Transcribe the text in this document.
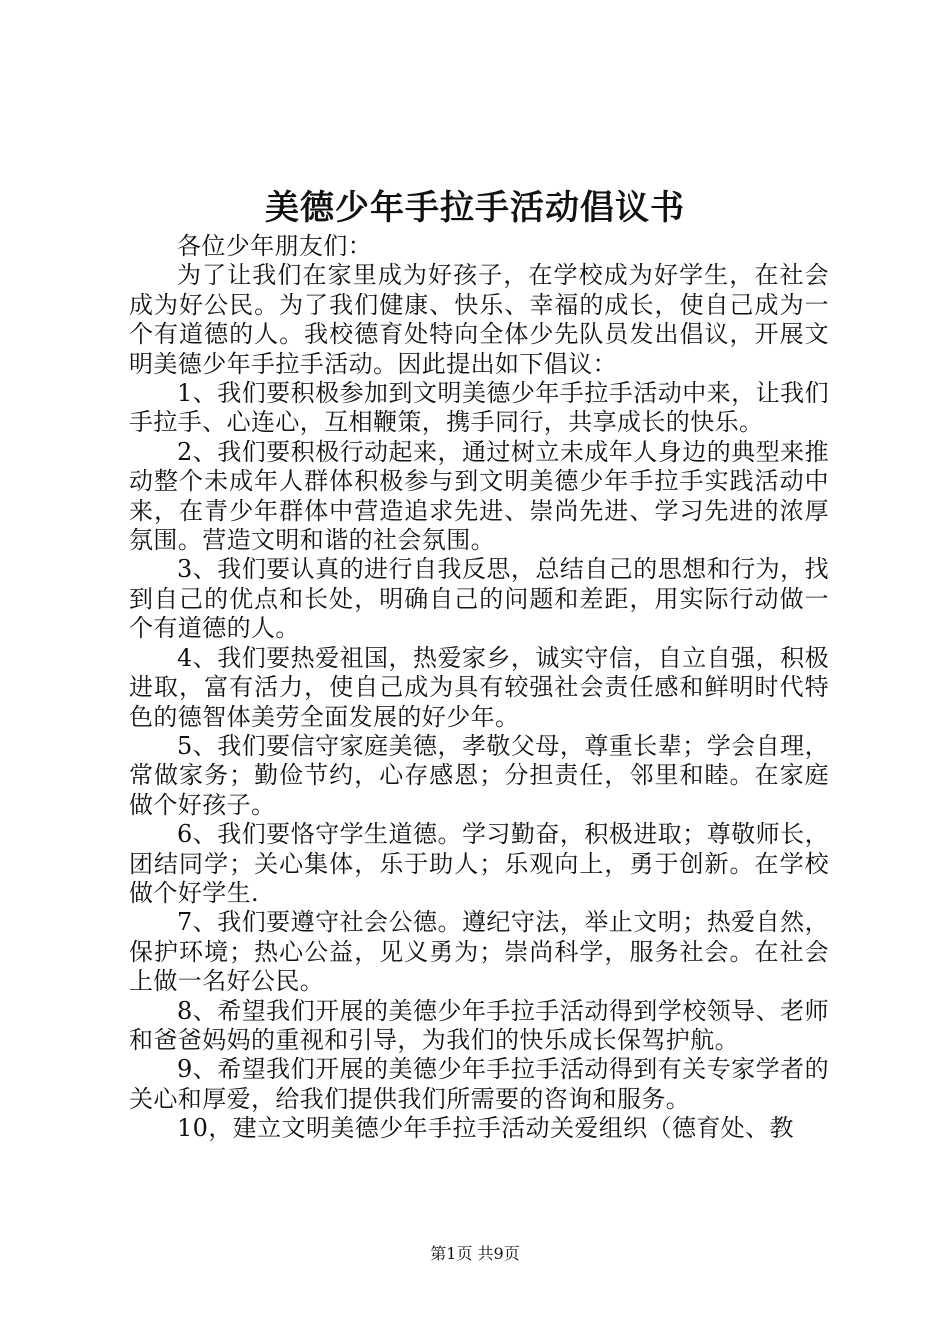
美德少年手拉手活动倡议书

各位少年朋友们：

为了让我们在家里成为好孩子，在学校成为好学生，在社会成为好公民。为了我们健康、快乐、幸福的成长，使自己成为一个有道德的人。我校德育处特向全体少先队员发出倡议，开展文明美德少年手拉手活动。因此提出如下倡议：

1、我们要积极参加到文明美德少年手拉手活动中来，让我们手拉手、心连心，互相鞭策，携手同行，共享成长的快乐。

2、我们要积极行动起来，通过树立未成年人身边的典型来推动整个未成年人群体积极参与到文明美德少年手拉手实践活动中来，在青少年群体中营造追求先进、崇尚先进、学习先进的浓厚氛围。营造文明和谐的社会氛围。

3、我们要认真的进行自我反思，总结自己的思想和行为，找到自己的优点和长处，明确自己的问题和差距，用实际行动做一个有道德的人。

4、我们要热爱祖国，热爱家乡，诚实守信，自立自强，积极进取，富有活力，使自己成为具有较强社会责任感和鲜明时代特色的德智体美劳全面发展的好少年。

5、我们要信守家庭美德，孝敬父母，尊重长辈；学会自理，常做家务；勤俭节约，心存感恩；分担责任，邻里和睦。在家庭做个好孩子。

6、我们要恪守学生道德。学习勤奋，积极进取；尊敬师长，团结同学；关心集体，乐于助人；乐观向上，勇于创新。在学校做个好学生.

7、我们要遵守社会公德。遵纪守法，举止文明；热爱自然，保护环境；热心公益，见义勇为；崇尚科学，服务社会。在社会上做一名好公民。

8、希望我们开展的美德少年手拉手活动得到学校领导、老师和爸爸妈妈的重视和引导，为我们的快乐成长保驾护航。

9、希望我们开展的美德少年手拉手活动得到有关专家学者的关心和厚爱，给我们提供我们所需要的咨询和服务。

10，建立文明美德少年手拉手活动关爱组织（德育处、教

第1页 共9页
